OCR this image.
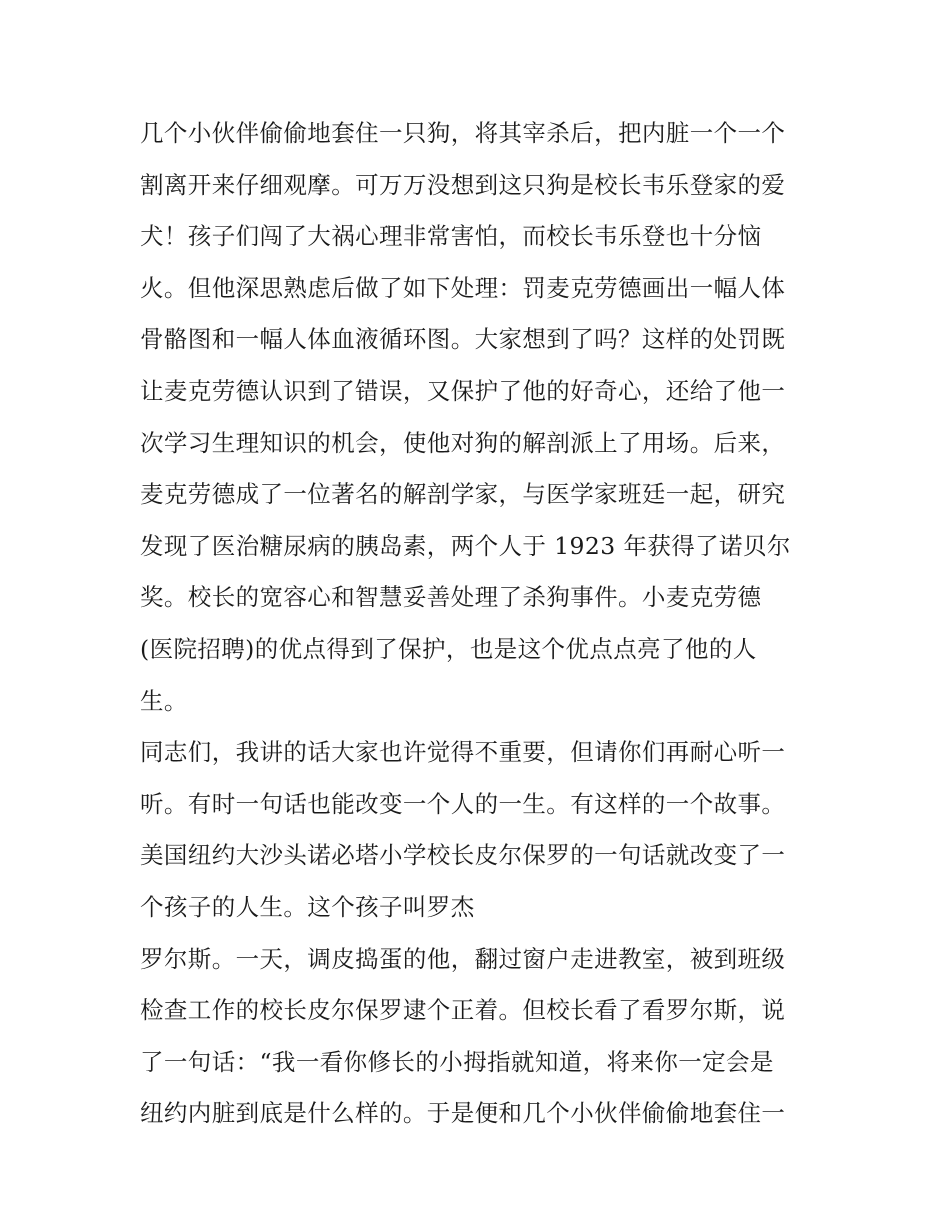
几个小伙伴偷偷地套住一只狗，将其宰杀后，把内脏一个一个
割离开来仔细观摩。可万万没想到这只狗是校长韦乐登家的爱
犬！孩子们闯了大祸心理非常害怕，而校长韦乐登也十分恼
火。但他深思熟虑后做了如下处理：罚麦克劳德画出一幅人体
骨骼图和一幅人体血液循环图。大家想到了吗？这样的处罚既
让麦克劳德认识到了错误，又保护了他的好奇心，还给了他一
次学习生理知识的机会，使他对狗的解剖派上了用场。后来，
麦克劳德成了一位著名的解剖学家，与医学家班廷一起，研究
发现了医治糖尿病的胰岛素，两个人于 1923 年获得了诺贝尔
奖。校长的宽容心和智慧妥善处理了杀狗事件。小麦克劳德
(医院招聘)的优点得到了保护，也是这个优点点亮了他的人
生。
同志们，我讲的话大家也许觉得不重要，但请你们再耐心听一
听。有时一句话也能改变一个人的一生。有这样的一个故事。
美国纽约大沙头诺必塔小学校长皮尔保罗的一句话就改变了一
个孩子的人生。这个孩子叫罗杰
罗尔斯。一天，调皮捣蛋的他，翻过窗户走进教室，被到班级
检查工作的校长皮尔保罗逮个正着。但校长看了看罗尔斯，说
了一句话：“我一看你修长的小拇指就知道，将来你一定会是
纽约内脏到底是什么样的。于是便和几个小伙伴偷偷地套住一
